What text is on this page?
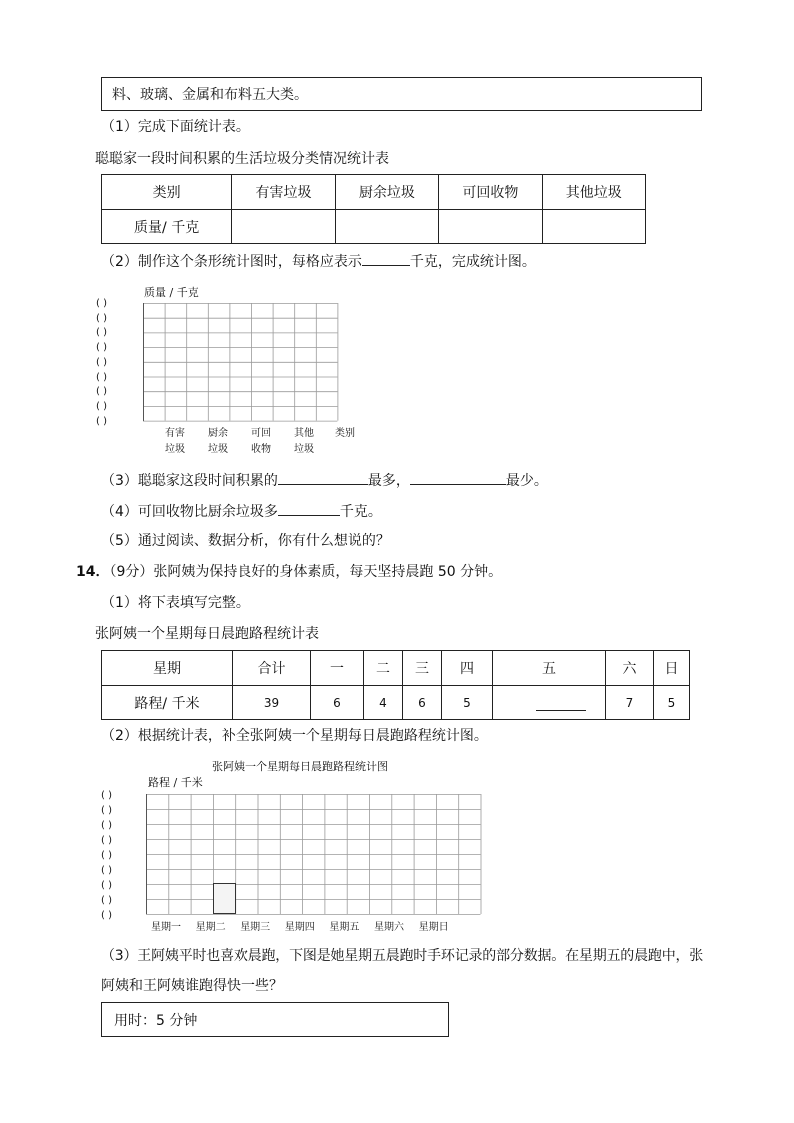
料、玻璃、金属和布料五大类。
（1）完成下面统计表。
聪聪家一段时间积累的生活垃圾分类情况统计表
类别	有害垃圾	厨余垃圾	可回收物	其他垃圾
质量/ 千克				
（2）制作这个条形统计图时，每格应表示	千克，完成统计图。
质量 / 千克
( )
( )
( )
( )
( )
( )
( )
( )
( )
有害
垃圾
厨余
垃圾
可回
收物
其他
垃圾
类别
（3）聪聪家这段时间积累的	最多，	最少。
（4）可回收物比厨余垃圾多	千克。
（5）通过阅读、数据分析，你有什么想说的？
14．（9分）张阿姨为保持良好的身体素质，每天坚持晨跑 50 分钟。
（1）将下表填写完整。
张阿姨一个星期每日晨跑路程统计表
星期	合计	一	二	三	四	五	六	日
路程/ 千米	39	6	4	6	5		7	5
（2）根据统计表，补全张阿姨一个星期每日晨跑路程统计图。
张阿姨一个星期每日晨跑路程统计图
路程 / 千米
( )
( )
( )
( )
( )
( )
( )
( )
( )
星期一	星期二	星期三	星期四	星期五	星期六	星期日
（3）王阿姨平时也喜欢晨跑，下图是她星期五晨跑时手环记录的部分数据。在星期五的晨跑中，张
阿姨和王阿姨谁跑得快一些？
用时：5 分钟
